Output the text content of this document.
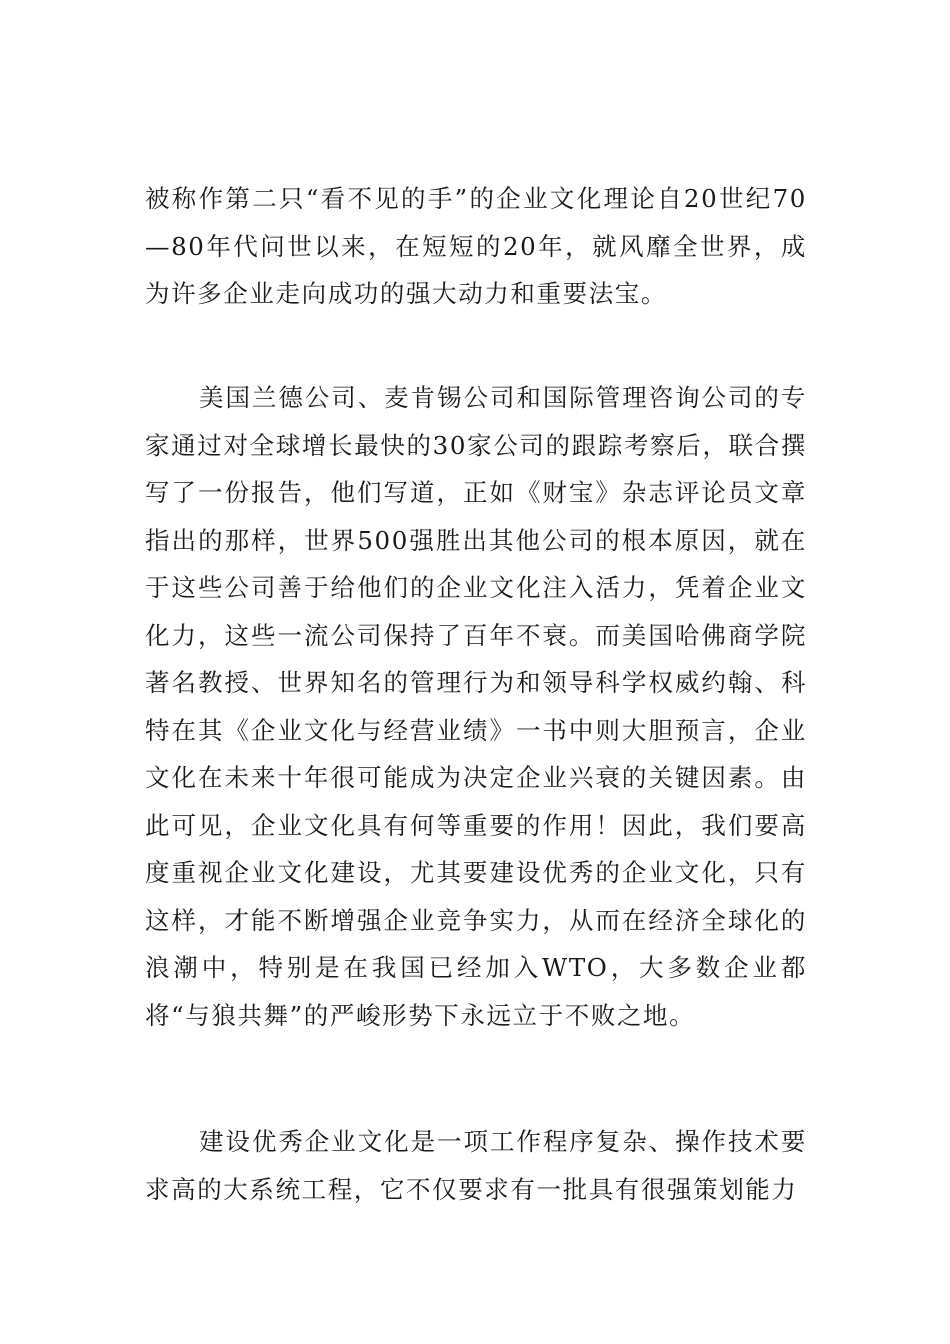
被称作第二只“看不见的手”的企业文化理论自20世纪70—80年代问世以来，在短短的20年，就风靡全世界，成为许多企业走向成功的强大动力和重要法宝。

美国兰德公司、麦肯锡公司和国际管理咨询公司的专家通过对全球增长最快的30家公司的跟踪考察后，联合撰写了一份报告，他们写道，正如《财宝》杂志评论员文章指出的那样，世界500强胜出其他公司的根本原因，就在于这些公司善于给他们的企业文化注入活力，凭着企业文化力，这些一流公司保持了百年不衰。而美国哈佛商学院著名教授、世界知名的管理行为和领导科学权威约翰、科特在其《企业文化与经营业绩》一书中则大胆预言，企业文化在未来十年很可能成为决定企业兴衰的关键因素。由此可见，企业文化具有何等重要的作用！因此，我们要高度重视企业文化建设，尤其要建设优秀的企业文化，只有这样，才能不断增强企业竞争实力，从而在经济全球化的浪潮中，特别是在我国已经加入WTO，大多数企业都将“与狼共舞”的严峻形势下永远立于不败之地。

建设优秀企业文化是一项工作程序复杂、操作技术要求高的大系统工程，它不仅要求有一批具有很强策划能力
